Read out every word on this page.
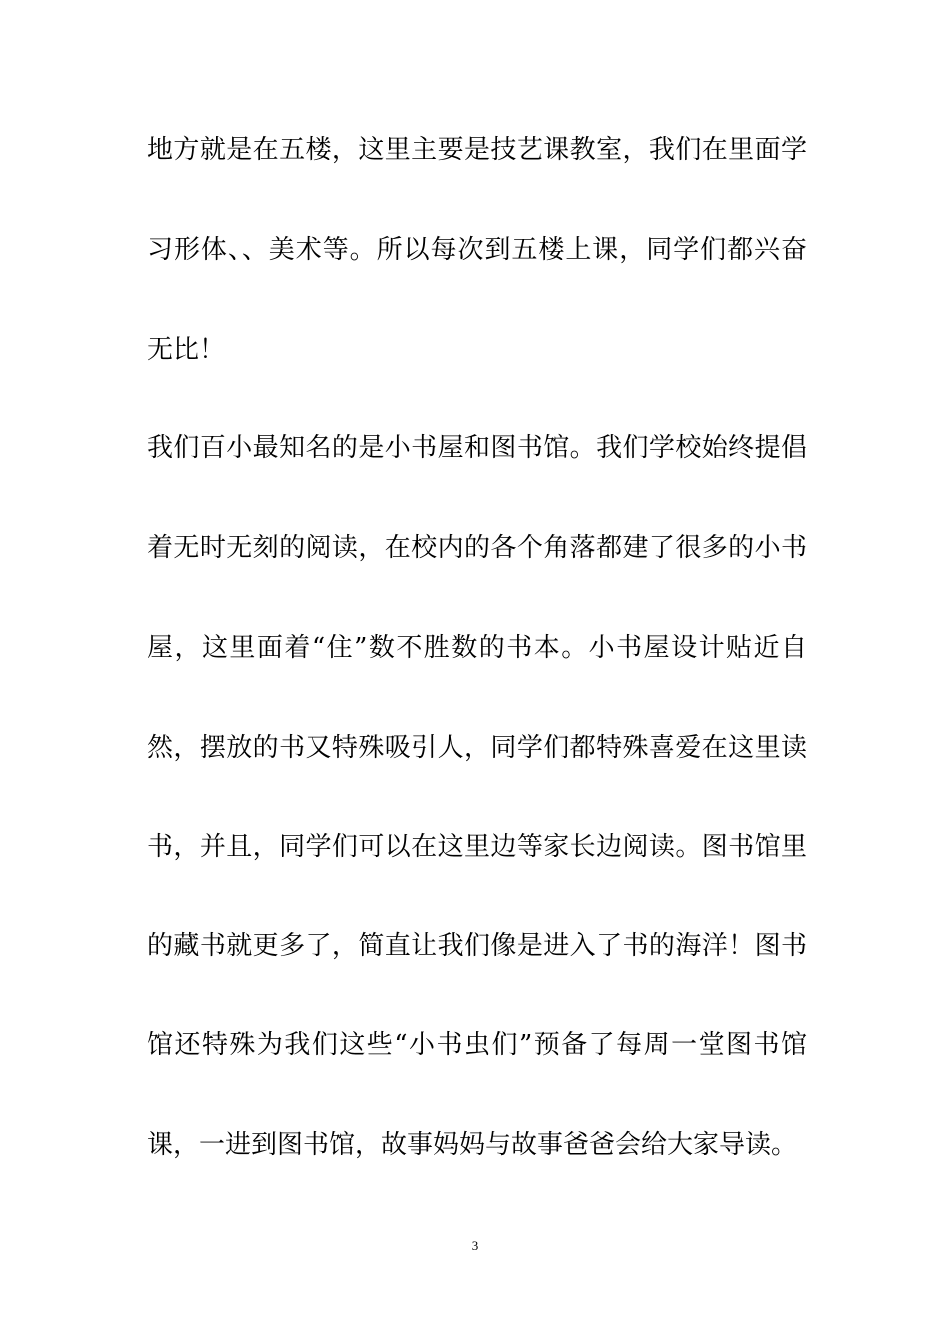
地方就是在五楼，这里主要是技艺课教室，我们在里面学
习形体、、美术等。所以每次到五楼上课，同学们都兴奋
无比！
我们百小最知名的是小书屋和图书馆。我们学校始终提倡
着无时无刻的阅读，在校内的各个角落都建了很多的小书
屋，这里面着“住”数不胜数的书本。小书屋设计贴近自
然，摆放的书又特殊吸引人，同学们都特殊喜爱在这里读
书，并且，同学们可以在这里边等家长边阅读。图书馆里
的藏书就更多了，简直让我们像是进入了书的海洋！图书
馆还特殊为我们这些“小书虫们”预备了每周一堂图书馆
课，一进到图书馆，故事妈妈与故事爸爸会给大家导读。
3
